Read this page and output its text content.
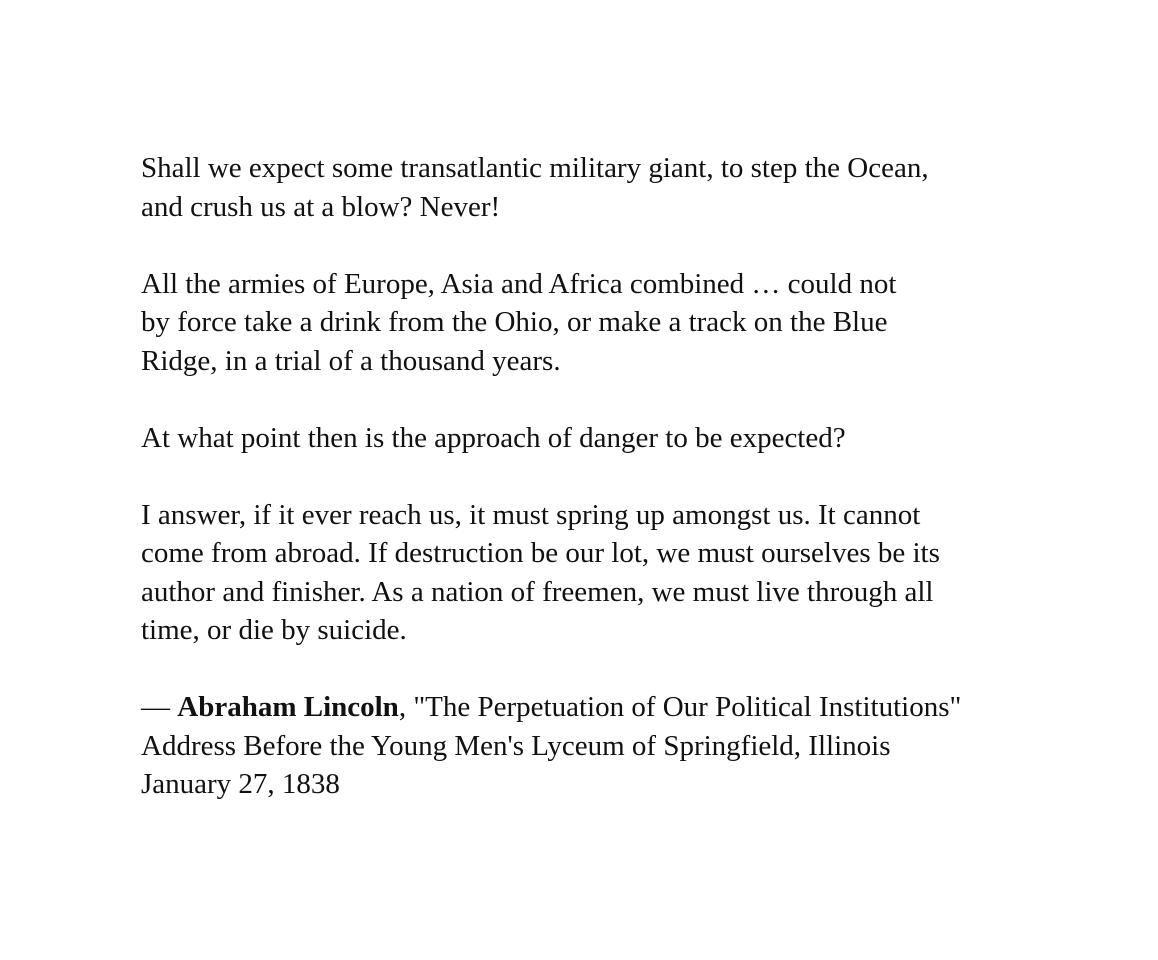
Shall we expect some transatlantic military giant, to step the Ocean,
and crush us at a blow? Never!

All the armies of Europe, Asia and Africa combined … could not
by force take a drink from the Ohio, or make a track on the Blue
Ridge, in a trial of a thousand years.

At what point then is the approach of danger to be expected?

I answer, if it ever reach us, it must spring up amongst us. It cannot
come from abroad. If destruction be our lot, we must ourselves be its
author and finisher. As a nation of freemen, we must live through all
time, or die by suicide.

— Abraham Lincoln, "The Perpetuation of Our Political Institutions"
Address Before the Young Men's Lyceum of Springfield, Illinois
January 27, 1838
